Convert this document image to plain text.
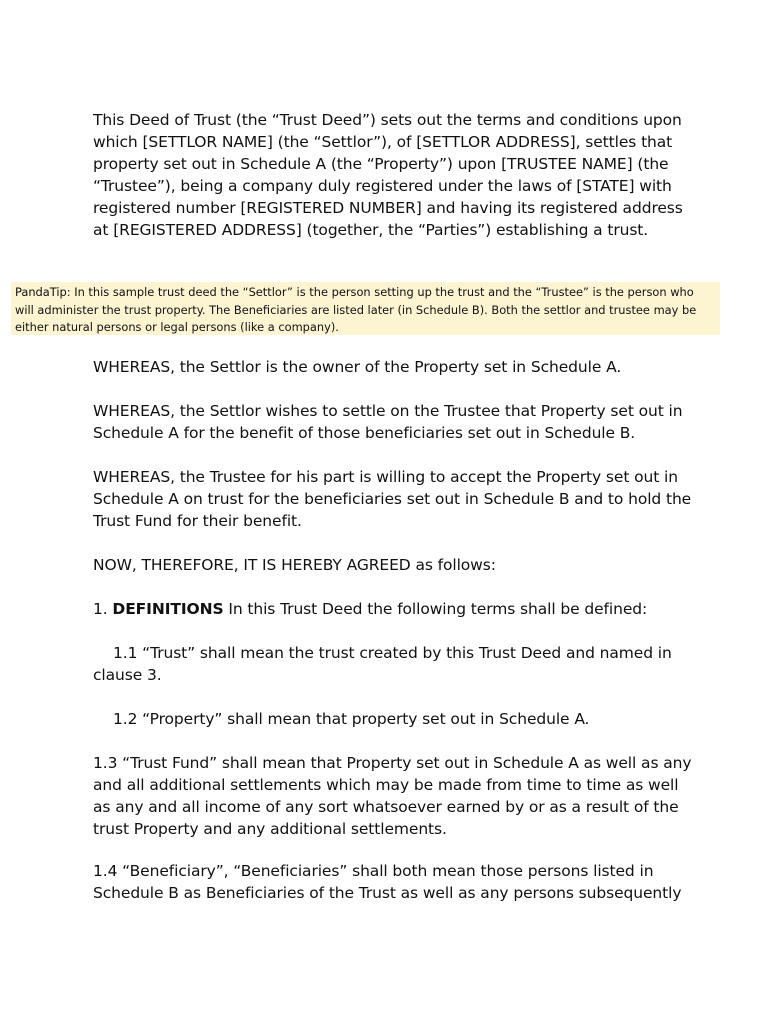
This Deed of Trust (the “Trust Deed”) sets out the terms and conditions upon which [SETTLOR NAME] (the “Settlor”), of [SETTLOR ADDRESS], settles that property set out in Schedule A (the “Property”) upon [TRUSTEE NAME] (the “Trustee”), being a company duly registered under the laws of [STATE] with registered number [REGISTERED NUMBER] and having its registered address at [REGISTERED ADDRESS] (together, the “Parties”) establishing a trust.

PandaTip: In this sample trust deed the “Settlor” is the person setting up the trust and the “Trustee” is the person who will administer the trust property. The Beneficiaries are listed later (in Schedule B). Both the settlor and trustee may be either natural persons or legal persons (like a company).

WHEREAS, the Settlor is the owner of the Property set in Schedule A.

WHEREAS, the Settlor wishes to settle on the Trustee that Property set out in Schedule A for the benefit of those beneficiaries set out in Schedule B.

WHEREAS, the Trustee for his part is willing to accept the Property set out in Schedule A on trust for the beneficiaries set out in Schedule B and to hold the Trust Fund for their benefit.

NOW, THEREFORE, IT IS HEREBY AGREED as follows:

1. DEFINITIONS In this Trust Deed the following terms shall be defined:

1.1 “Trust” shall mean the trust created by this Trust Deed and named in clause 3.

1.2 “Property” shall mean that property set out in Schedule A.

1.3 “Trust Fund” shall mean that Property set out in Schedule A as well as any and all additional settlements which may be made from time to time as well as any and all income of any sort whatsoever earned by or as a result of the trust Property and any additional settlements.

1.4 “Beneficiary”, “Beneficiaries” shall both mean those persons listed in Schedule B as Beneficiaries of the Trust as well as any persons subsequently
